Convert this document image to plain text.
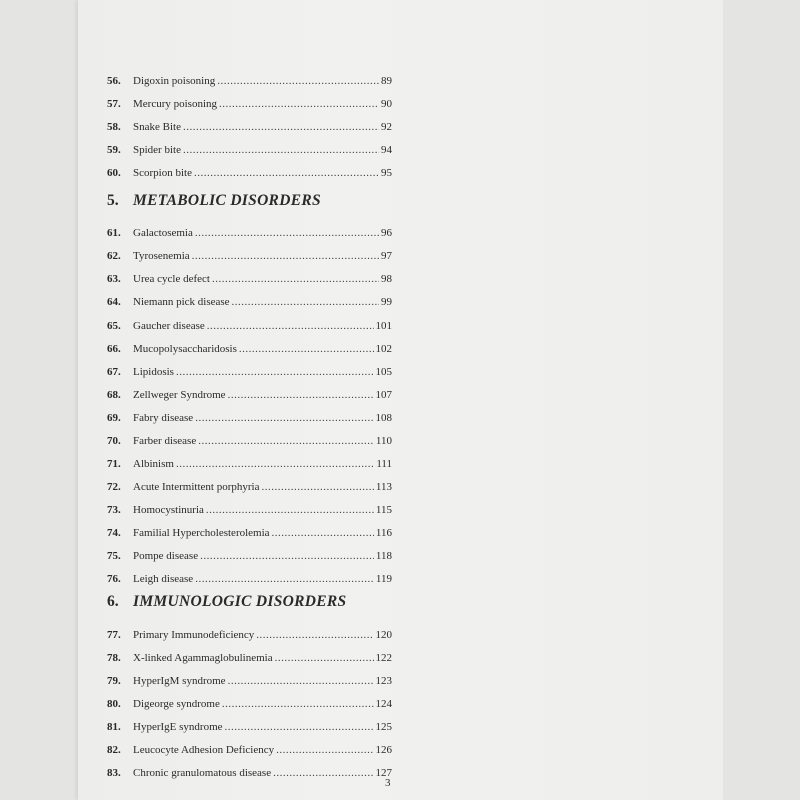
56.	Digoxin poisoning .....	89
57.	Mercury poisoning .....	90
58.	Snake Bite .....	92
59.	Spider bite .....	94
60.	Scorpion bite .....	95
5. METABOLIC DISORDERS
61.	Galactosemia .....	96
62.	Tyrosenemia .....	97
63.	Urea cycle defect .....	98
64.	Niemann pick disease .....	99
65.	Gaucher disease .....	101
66.	Mucopolysaccharidosis .....	102
67.	Lipidosis .....	105
68.	Zellweger Syndrome .....	107
69.	Fabry disease .....	108
70.	Farber disease .....	110
71.	Albinism .....	111
72.	Acute Intermittent porphyria .....	113
73.	Homocystinuria .....	115
74.	Familial Hypercholesterolemia .....	116
75.	Pompe disease .....	118
76.	Leigh disease .....	119
6. IMMUNOLOGIC DISORDERS
77.	Primary Immunodeficiency .....	120
78.	X-linked Agammaglobulinemia .....	122
79.	HyperIgM syndrome .....	123
80.	Digeorge syndrome .....	124
81.	HyperIgE syndrome .....	125
82.	Leucocyte Adhesion Deficiency .....	126
83.	Chronic granulomatous disease .....	127
3
